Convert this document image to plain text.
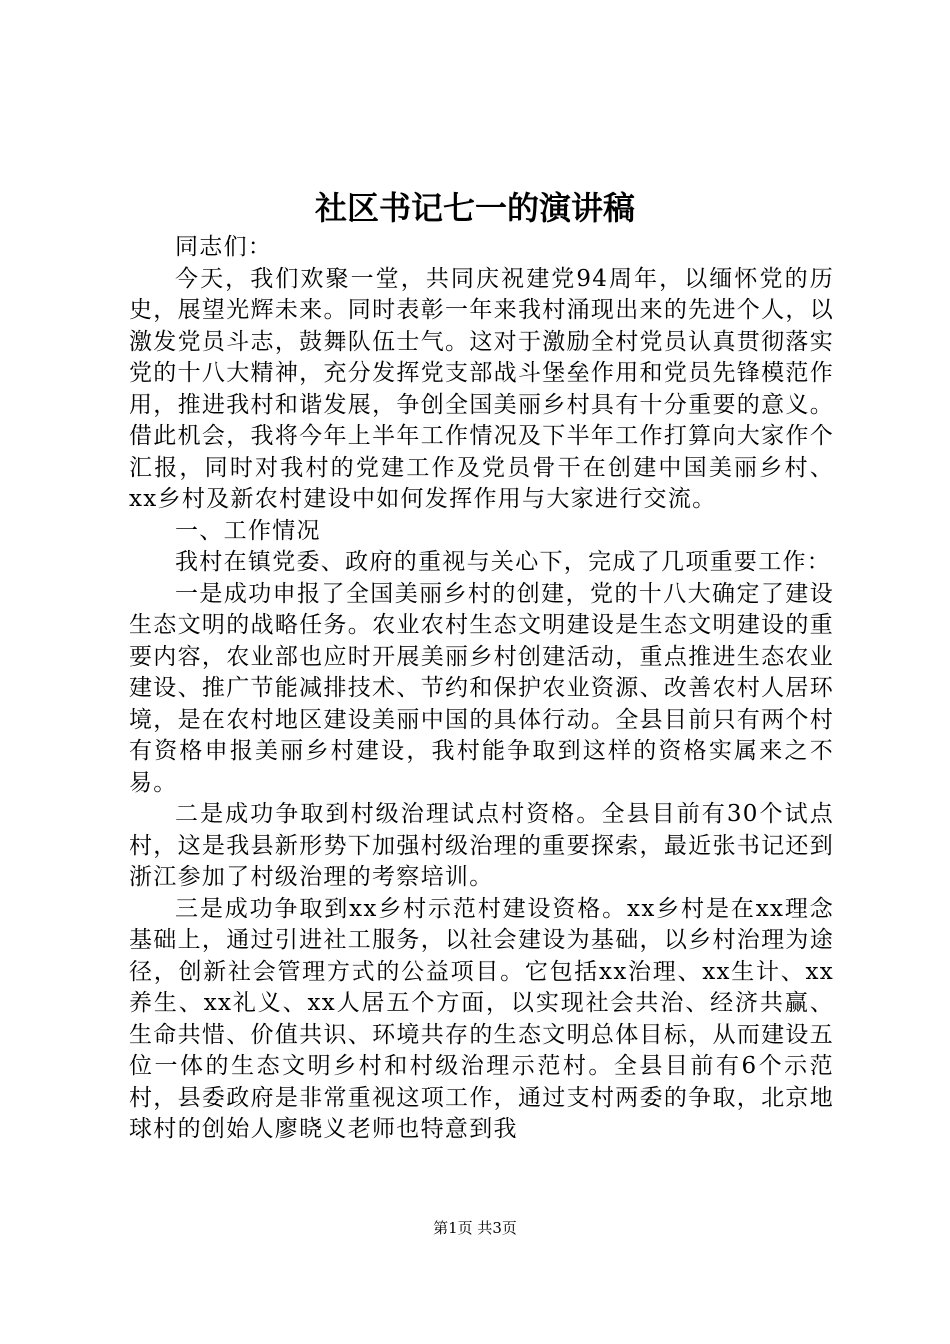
社区书记七一的演讲稿

同志们：

今天，我们欢聚一堂，共同庆祝建党94周年，以缅怀党的历史，展望光辉未来。同时表彰一年来我村涌现出来的先进个人，以激发党员斗志，鼓舞队伍士气。这对于激励全村党员认真贯彻落实党的十八大精神，充分发挥党支部战斗堡垒作用和党员先锋模范作用，推进我村和谐发展，争创全国美丽乡村具有十分重要的意义。借此机会，我将今年上半年工作情况及下半年工作打算向大家作个汇报，同时对我村的党建工作及党员骨干在创建中国美丽乡村、xx乡村及新农村建设中如何发挥作用与大家进行交流。

一、工作情况

我村在镇党委、政府的重视与关心下，完成了几项重要工作：

一是成功申报了全国美丽乡村的创建，党的十八大确定了建设生态文明的战略任务。农业农村生态文明建设是生态文明建设的重要内容，农业部也应时开展美丽乡村创建活动，重点推进生态农业建设、推广节能减排技术、节约和保护农业资源、改善农村人居环境，是在农村地区建设美丽中国的具体行动。全县目前只有两个村有资格申报美丽乡村建设，我村能争取到这样的资格实属来之不易。

二是成功争取到村级治理试点村资格。全县目前有30个试点村，这是我县新形势下加强村级治理的重要探索，最近张书记还到浙江参加了村级治理的考察培训。

三是成功争取到xx乡村示范村建设资格。xx乡村是在xx理念基础上，通过引进社工服务，以社会建设为基础，以乡村治理为途径，创新社会管理方式的公益项目。它包括xx治理、xx生计、xx养生、xx礼义、xx人居五个方面，以实现社会共治、经济共赢、生命共惜、价值共识、环境共存的生态文明总体目标，从而建设五位一体的生态文明乡村和村级治理示范村。全县目前有6个示范村，县委政府是非常重视这项工作，通过支村两委的争取，北京地球村的创始人廖晓义老师也特意到我

第1页 共3页
